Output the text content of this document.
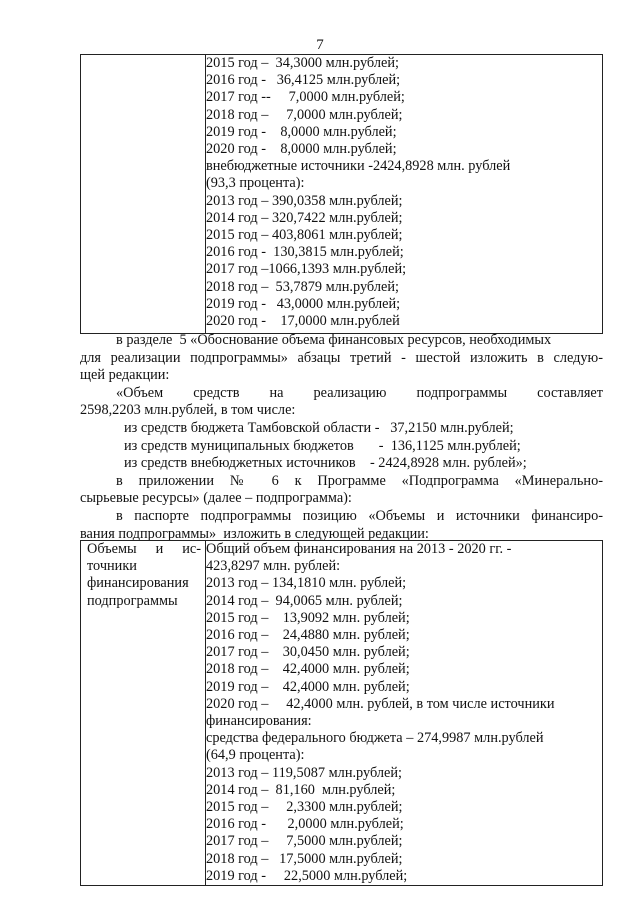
7

2015 год –  34,3000 млн.рублей;
2016 год -   36,4125 млн.рублей;
2017 год --     7,0000 млн.рублей;
2018 год –     7,0000 млн.рублей;
2019 год -    8,0000 млн.рублей;
2020 год -    8,0000 млн.рублей;
внебюджетные источники -2424,8928 млн. рублей
(93,3 процента):
2013 год – 390,0358 млн.рублей;
2014 год – 320,7422 млн.рублей;
2015 год – 403,8061 млн.рублей;
2016 год -  130,3815 млн.рублей;
2017 год –1066,1393 млн.рублей;
2018 год –  53,7879 млн.рублей;
2019 год -   43,0000 млн.рублей;
2020 год -    17,0000 млн.рублей
в разделе  5 «Обоснование объема финансовых ресурсов, необходимых
для реализации подпрограммы» абзацы третий - шестой изложить в следую-
щей редакции:
«Объем средств на реализацию подпрограммы составляет
2598,2203 млн.рублей, в том числе:
из средств бюджета Тамбовской области -   37,2150 млн.рублей;
из средств муниципальных бюджетов       -  136,1125 млн.рублей;
из средств внебюджетных источников    - 2424,8928 млн. рублей»;
в приложении № 6 к Программе «Подпрограмма «Минерально-
сырьевые ресурсы» (далее – подпрограмма):
в паспорте подпрограммы позицию «Объемы и источники финансиро-
вания подпрограммы»  изложить в следующей редакции:
Объемы    и    ис-
точники
финансирования
подпрограммы

Общий объем финансирования на 2013 - 2020 гг. -
423,8297 млн. рублей:
2013 год – 134,1810 млн. рублей;
2014 год –  94,0065 млн. рублей;
2015 год –    13,9092 млн. рублей;
2016 год –    24,4880 млн. рублей;
2017 год –    30,0450 млн. рублей;
2018 год –    42,4000 млн. рублей;
2019 год –    42,4000 млн. рублей;
2020 год –     42,4000 млн. рублей, в том числе источники
финансирования:
средства федерального бюджета – 274,9987 млн.рублей
(64,9 процента):
2013 год – 119,5087 млн.рублей;
2014 год –  81,160  млн.рублей;
2015 год –     2,3300 млн.рублей;
2016 год -      2,0000 млн.рублей;
2017 год –     7,5000 млн.рублей;
2018 год –   17,5000 млн.рублей;
2019 год -     22,5000 млн.рублей;
